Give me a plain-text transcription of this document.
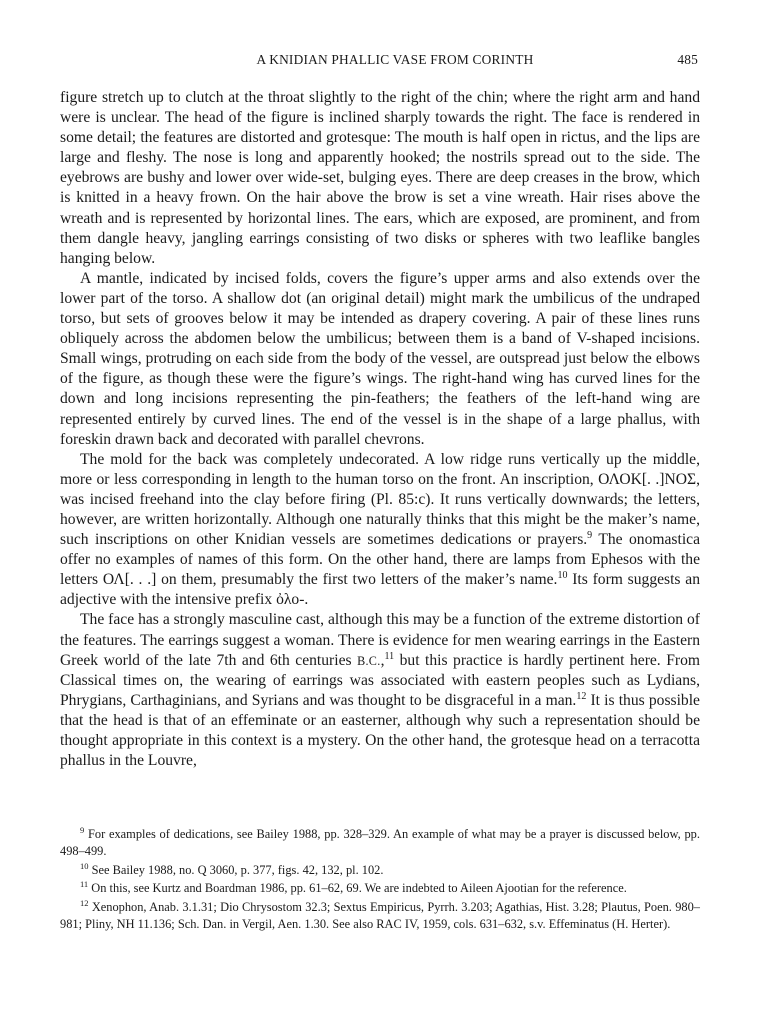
A KNIDIAN PHALLIC VASE FROM CORINTH	485

figure stretch up to clutch at the throat slightly to the right of the chin; where the right arm and hand were is unclear. The head of the figure is inclined sharply towards the right. The face is rendered in some detail; the features are distorted and grotesque: The mouth is half open in rictus, and the lips are large and fleshy. The nose is long and apparently hooked; the nostrils spread out to the side. The eyebrows are bushy and lower over wide-set, bulging eyes. There are deep creases in the brow, which is knitted in a heavy frown. On the hair above the brow is set a vine wreath. Hair rises above the wreath and is represented by horizontal lines. The ears, which are exposed, are prominent, and from them dangle heavy, jangling earrings consisting of two disks or spheres with two leaflike bangles hanging below.

A mantle, indicated by incised folds, covers the figure’s upper arms and also extends over the lower part of the torso. A shallow dot (an original detail) might mark the umbilicus of the undraped torso, but sets of grooves below it may be intended as drapery covering. A pair of these lines runs obliquely across the abdomen below the umbilicus; between them is a band of V-shaped incisions. Small wings, protruding on each side from the body of the vessel, are outspread just below the elbows of the figure, as though these were the figure’s wings. The right-hand wing has curved lines for the down and long incisions representing the pin-feathers; the feathers of the left-hand wing are represented entirely by curved lines. The end of the vessel is in the shape of a large phallus, with foreskin drawn back and decorated with parallel chevrons.

The mold for the back was completely undecorated. A low ridge runs vertically up the middle, more or less corresponding in length to the human torso on the front. An inscription, ΟΛΟΚ[. .]ΝΟΣ, was incised freehand into the clay before firing (Pl. 85:c). It runs vertically downwards; the letters, however, are written horizontally. Although one naturally thinks that this might be the maker’s name, such inscriptions on other Knidian vessels are sometimes dedications or prayers.$^9$ The onomastica offer no examples of names of this form. On the other hand, there are lamps from Ephesos with the letters ΟΛ[. . .] on them, presumably the first two letters of the maker’s name.$^{10}$ Its form suggests an adjective with the intensive prefix ὀλο-.

The face has a strongly masculine cast, although this may be a function of the extreme distortion of the features. The earrings suggest a woman. There is evidence for men wearing earrings in the Eastern Greek world of the late 7th and 6th centuries B.C.,$^{11}$ but this practice is hardly pertinent here. From Classical times on, the wearing of earrings was associated with eastern peoples such as Lydians, Phrygians, Carthaginians, and Syrians and was thought to be disgraceful in a man.$^{12}$ It is thus possible that the head is that of an effeminate or an easterner, although why such a representation should be thought appropriate in this context is a mystery. On the other hand, the grotesque head on a terracotta phallus in the Louvre,

$^9$ For examples of dedications, see Bailey 1988, pp. 328–329. An example of what may be a prayer is discussed below, pp. 498–499.

$^{10}$ See Bailey 1988, no. Q 3060, p. 377, figs. 42, 132, pl. 102.

$^{11}$ On this, see Kurtz and Boardman 1986, pp. 61–62, 69. We are indebted to Aileen Ajootian for the reference.

$^{12}$ Xenophon, Anab. 3.1.31; Dio Chrysostom 32.3; Sextus Empiricus, Pyrrh. 3.203; Agathias, Hist. 3.28; Plautus, Poen. 980–981; Pliny, NH 11.136; Sch. Dan. in Vergil, Aen. 1.30. See also RAC IV, 1959, cols. 631–632, s.v. Effeminatus (H. Herter).
